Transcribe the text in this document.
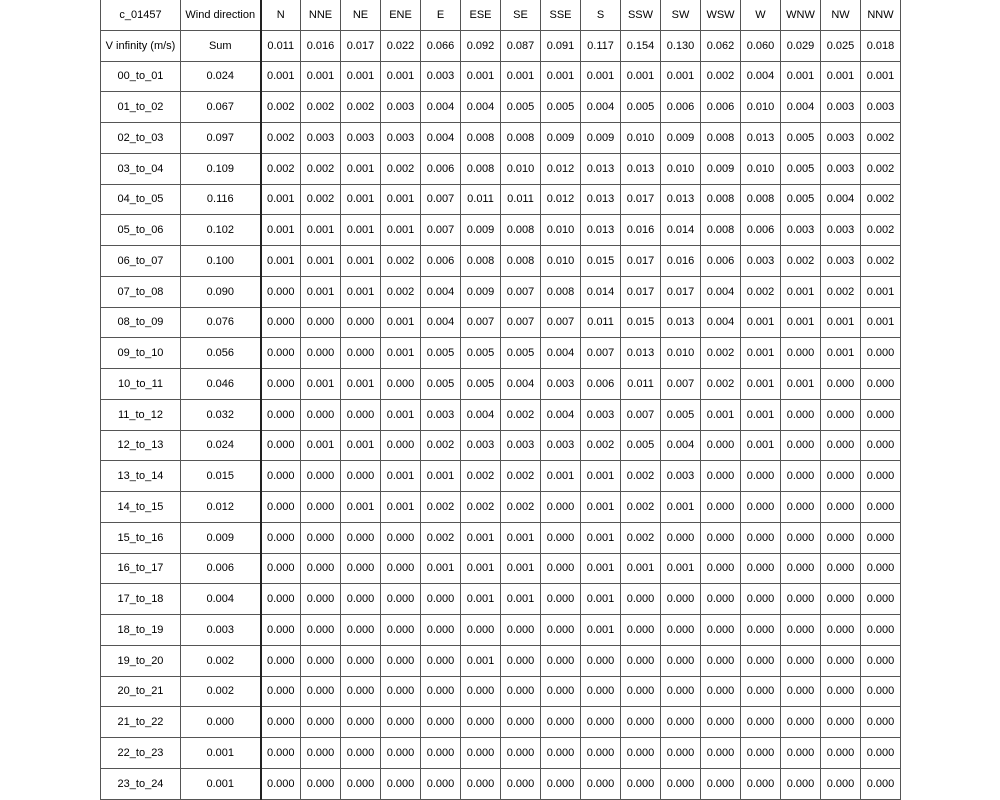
c_01457	Wind direction	N	NNE	NE	ENE	E	ESE	SE	SSE	S	SSW	SW	WSW	W	WNW	NW	NNW
V infinity (m/s)	Sum	0.011	0.016	0.017	0.022	0.066	0.092	0.087	0.091	0.117	0.154	0.130	0.062	0.060	0.029	0.025	0.018
00_to_01	0.024	0.001	0.001	0.001	0.001	0.003	0.001	0.001	0.001	0.001	0.001	0.001	0.002	0.004	0.001	0.001	0.001
01_to_02	0.067	0.002	0.002	0.002	0.003	0.004	0.004	0.005	0.005	0.004	0.005	0.006	0.006	0.010	0.004	0.003	0.003
02_to_03	0.097	0.002	0.003	0.003	0.003	0.004	0.008	0.008	0.009	0.009	0.010	0.009	0.008	0.013	0.005	0.003	0.002
03_to_04	0.109	0.002	0.002	0.001	0.002	0.006	0.008	0.010	0.012	0.013	0.013	0.010	0.009	0.010	0.005	0.003	0.002
04_to_05	0.116	0.001	0.002	0.001	0.001	0.007	0.011	0.011	0.012	0.013	0.017	0.013	0.008	0.008	0.005	0.004	0.002
05_to_06	0.102	0.001	0.001	0.001	0.001	0.007	0.009	0.008	0.010	0.013	0.016	0.014	0.008	0.006	0.003	0.003	0.002
06_to_07	0.100	0.001	0.001	0.001	0.002	0.006	0.008	0.008	0.010	0.015	0.017	0.016	0.006	0.003	0.002	0.003	0.002
07_to_08	0.090	0.000	0.001	0.001	0.002	0.004	0.009	0.007	0.008	0.014	0.017	0.017	0.004	0.002	0.001	0.002	0.001
08_to_09	0.076	0.000	0.000	0.000	0.001	0.004	0.007	0.007	0.007	0.011	0.015	0.013	0.004	0.001	0.001	0.001	0.001
09_to_10	0.056	0.000	0.000	0.000	0.001	0.005	0.005	0.005	0.004	0.007	0.013	0.010	0.002	0.001	0.000	0.001	0.000
10_to_11	0.046	0.000	0.001	0.001	0.000	0.005	0.005	0.004	0.003	0.006	0.011	0.007	0.002	0.001	0.001	0.000	0.000
11_to_12	0.032	0.000	0.000	0.000	0.001	0.003	0.004	0.002	0.004	0.003	0.007	0.005	0.001	0.001	0.000	0.000	0.000
12_to_13	0.024	0.000	0.001	0.001	0.000	0.002	0.003	0.003	0.003	0.002	0.005	0.004	0.000	0.001	0.000	0.000	0.000
13_to_14	0.015	0.000	0.000	0.000	0.001	0.001	0.002	0.002	0.001	0.001	0.002	0.003	0.000	0.000	0.000	0.000	0.000
14_to_15	0.012	0.000	0.000	0.001	0.001	0.002	0.002	0.002	0.000	0.001	0.002	0.001	0.000	0.000	0.000	0.000	0.000
15_to_16	0.009	0.000	0.000	0.000	0.000	0.002	0.001	0.001	0.000	0.001	0.002	0.000	0.000	0.000	0.000	0.000	0.000
16_to_17	0.006	0.000	0.000	0.000	0.000	0.001	0.001	0.001	0.000	0.001	0.001	0.001	0.000	0.000	0.000	0.000	0.000
17_to_18	0.004	0.000	0.000	0.000	0.000	0.000	0.001	0.001	0.000	0.001	0.000	0.000	0.000	0.000	0.000	0.000	0.000
18_to_19	0.003	0.000	0.000	0.000	0.000	0.000	0.000	0.000	0.000	0.001	0.000	0.000	0.000	0.000	0.000	0.000	0.000
19_to_20	0.002	0.000	0.000	0.000	0.000	0.000	0.001	0.000	0.000	0.000	0.000	0.000	0.000	0.000	0.000	0.000	0.000
20_to_21	0.002	0.000	0.000	0.000	0.000	0.000	0.000	0.000	0.000	0.000	0.000	0.000	0.000	0.000	0.000	0.000	0.000
21_to_22	0.000	0.000	0.000	0.000	0.000	0.000	0.000	0.000	0.000	0.000	0.000	0.000	0.000	0.000	0.000	0.000	0.000
22_to_23	0.001	0.000	0.000	0.000	0.000	0.000	0.000	0.000	0.000	0.000	0.000	0.000	0.000	0.000	0.000	0.000	0.000
23_to_24	0.001	0.000	0.000	0.000	0.000	0.000	0.000	0.000	0.000	0.000	0.000	0.000	0.000	0.000	0.000	0.000	0.000
